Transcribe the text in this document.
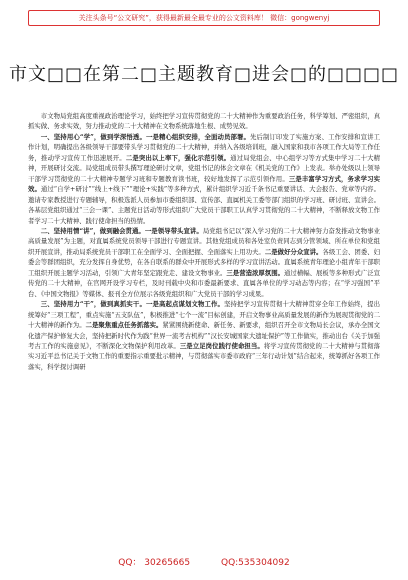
关注头条号“公文研究”，获得最新最全最专业的公文资料库！ 微信：gongwenyj
市文□□在第二□主题教育□进会□的□□□□

市文物局党组高度重视政治理论学习，始终把学习宣传贯彻党的二十大精神作为重要政治任务，科学筹划、严密组织，真抓实做、务求实效，努力推动党的二十大精神在文物系统落地生根、成势见效。

一、坚持用心“学”，做到学深悟透。一是精心组织安排，全面动员部署。先后制订印发了实施方案、工作安排和宣讲工作计划，明确提出各级领导干部要带头学习贯彻党的二十大精神，并纳入各级培训班，融入国家和我市各项工作大局等工作任务，推动学习宣传工作迅速展开。二是突出以上率下，强化示范引领。通过局党组会、中心组学习等方式集中学习二十大精神，开展研讨交流。局党组成员带头撰写理论研讨文章，党组书记的体会文章在《机关党的工作》上发表。举办处级以上领导干部学习贯彻党的二十大精神专题学习班和专题教育读书班，较好地发挥了示范引领作用。三是丰富学习方式，务求学习实效。通过“自学+研讨”“线上+线下”“理论+实践”等多种方式，累计组织学习近千条书记重要讲话、大会报告、党章等内容。邀请专家教授进行专题辅导，积极选派人员参加市委组织部、宣传部、直属机关工委等部门组织的学习班、研讨班、宣讲会。各基层党组织通过“三会一课”、主题党日活动等形式组织广大党员干部职工认真学习贯彻党的二十大精神，不断释放文物工作者学习二十大精神、践行使命担当的热情。

二、坚持用情“讲”，做到融会贯通。一是领导带头宣讲。局党组书记以“深入学习党的二十大精神努力奋发推动文物事业高质量发展”为主题，对直属系统党员领导干部进行专题宣讲。其他党组成员和各处室负责同志到分管领域、所在单位和党组织开展宣讲，推动局系统党员干部职工在全面学习、全面把握、全面落实上用功夫。二是做好分众宣讲。各级工会、团委、妇委会等群团组织，充分发挥自身优势，在各自联系的群众中开展形式多样的学习宣讲活动。直属系统青年理论小组青年干部职工组织开展主题学习活动，引领广大青年坚定跟党走、建设文物事业。三是营造浓厚氛围。通过横幅、展板等多种形式广泛宣传党的二十大精神，在官网开设学习专栏，及时刊载中央和市委最新要求、直属各单位的学习动态等内容；在“学习强国”平台、《中国文物报》等媒体、报刊全方位展示各级党组织和广大党员干部的学习成果。

三、坚持用力“干”，做到真抓实干。一是高起点谋划文物工作。坚持把学习宣传贯彻十大精神贯穿全年工作始终，提出统筹好“三项工程”，重点实施“五支队伍”，积极推进“七个一流”目标创建，开启文物事业高质量发展的新作为展现贯彻党的二十大精神的新作为。二是聚焦重点任务抓落实。紧紧围绕新使命、新任务、新要求，组织召开全市文物局长会议，承办全国文化遗产保护修复大会，坚持把新时代作为践“世界一流考古机构”“汉长安城国家大遗址保护”等工作做实，推动出台《关于加强考古工作的实施意见》，不断深化文物保护利用改革。三是立足岗位践行使命担当。将学习宣传贯彻党的二十大精神与贯彻落实习近平总书记关于文物工作的重要指示重要批示精神，与贯彻落实市委市政府“三年行动计划”结合起来，统筹抓好各项工作落实，科学探讨调研

QQ： 30265665	QQ:535304092
